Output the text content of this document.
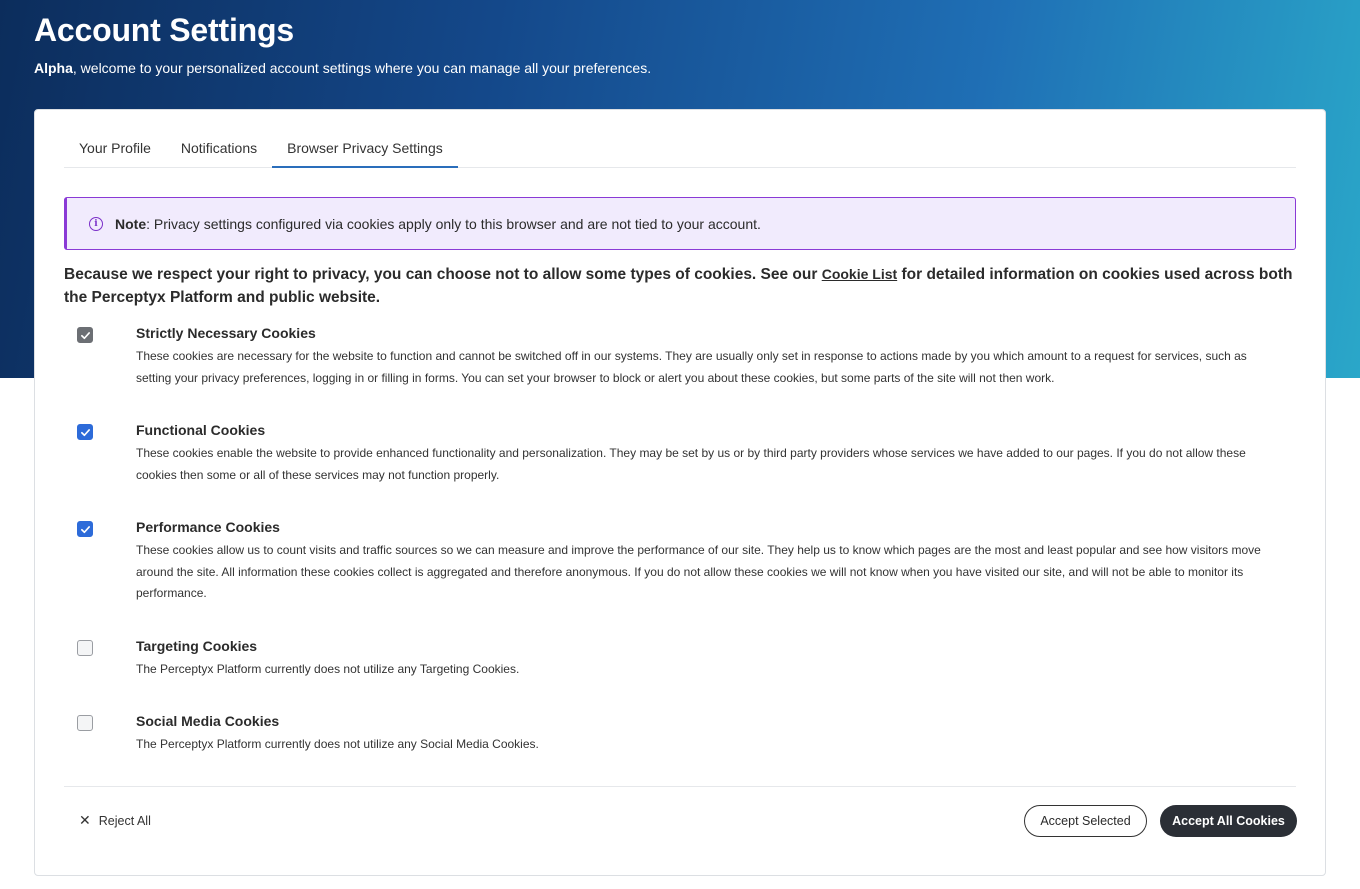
Account Settings

Alpha, welcome to your personalized account settings where you can manage all your preferences.

Your Profile	Notifications	Browser Privacy Settings
i	Note: Privacy settings configured via cookies apply only to this browser and are not tied to your account.

Because we respect your right to privacy, you can choose not to allow some types of cookies. See our Cookie List for detailed information on cookies used across both the Perceptyx Platform and public website.

Strictly Necessary Cookies
These cookies are necessary for the website to function and cannot be switched off in our systems. They are usually only set in response to actions made by you which amount to a request for services, such as setting your privacy preferences, logging in or filling in forms. You can set your browser to block or alert you about these cookies, but some parts of the site will not then work.
Functional Cookies
These cookies enable the website to provide enhanced functionality and personalization. They may be set by us or by third party providers whose services we have added to our pages. If you do not allow these cookies then some or all of these services may not function properly.
Performance Cookies
These cookies allow us to count visits and traffic sources so we can measure and improve the performance of our site. They help us to know which pages are the most and least popular and see how visitors move around the site. All information these cookies collect is aggregated and therefore anonymous. If you do not allow these cookies we will not know when you have visited our site, and will not be able to monitor its performance.
Targeting Cookies
The Perceptyx Platform currently does not utilize any Targeting Cookies.
Social Media Cookies
The Perceptyx Platform currently does not utilize any Social Media Cookies.
✕ Reject All	Accept Selected	Accept All Cookies
